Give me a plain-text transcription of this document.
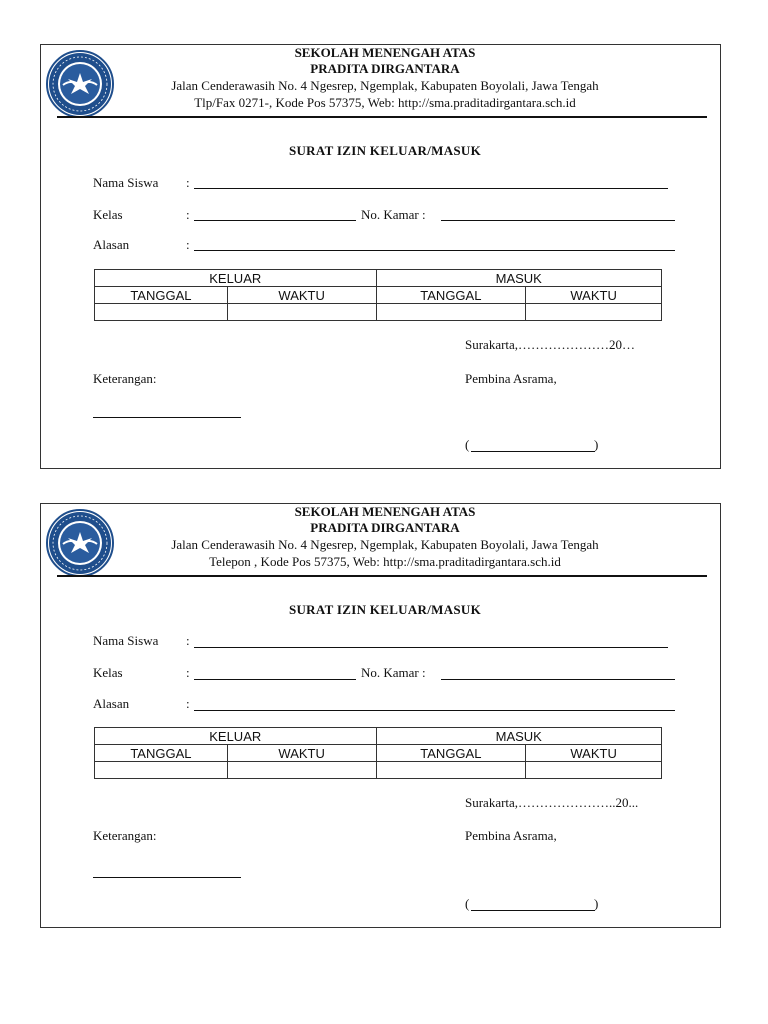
SEKOLAH MENENGAH ATAS
PRADITA DIRGANTARA
Jalan Cenderawasih No. 4 Ngesrep, Ngemplak, Kabupaten Boyolali, Jawa Tengah
Tlp/Fax 0271-, Kode Pos 57375, Web: http://sma.praditadirgantara.sch.id
SURAT IZIN KELUAR/MASUK
Nama Siswa :
Kelas	:	No. Kamar :
Alasan	:
KELUAR		MASUK	
TANGGAL	WAKTU	TANGGAL	WAKTU

Surakarta,…………………20…
Keterangan:	Pembina Asrama,
(	)
SEKOLAH MENENGAH ATAS
PRADITA DIRGANTARA
Jalan Cenderawasih No. 4 Ngesrep, Ngemplak, Kabupaten Boyolali, Jawa Tengah
Telepon , Kode Pos 57375, Web: http://sma.praditadirgantara.sch.id
SURAT IZIN KELUAR/MASUK
Nama Siswa :
Kelas	:	No. Kamar :
Alasan	:
KELUAR		MASUK	
TANGGAL	WAKTU	TANGGAL	WAKTU

Surakarta,…………………..20...
Keterangan:	Pembina Asrama,
(	)
